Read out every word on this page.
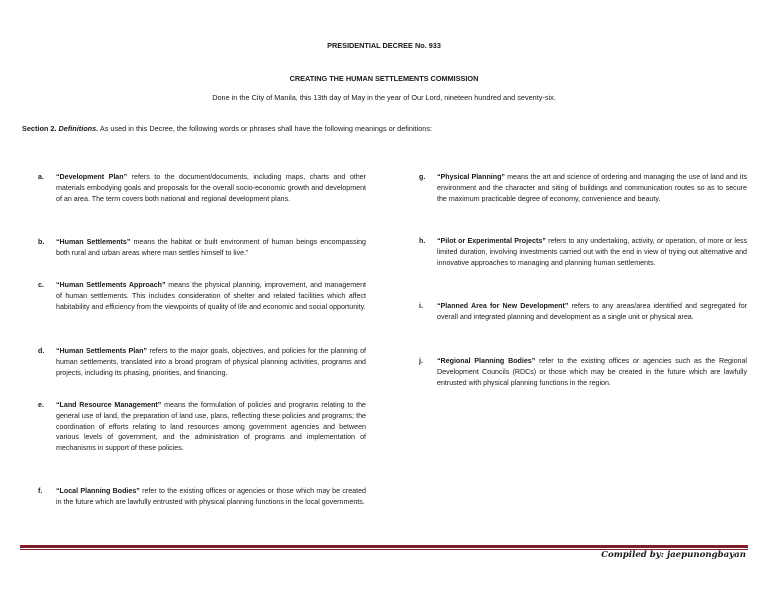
PRESIDENTIAL DECREE No. 933
CREATING THE HUMAN SETTLEMENTS COMMISSION
Done in the City of Manila, this 13th day of May in the year of Our Lord, nineteen hundred and seventy-six.
Section 2. Definitions. As used in this Decree, the following words or phrases shall have the following meanings or definitions:
a. “Development Plan” refers to the document/documents, including maps, charts and other materials embodying goals and proposals for the overall socio-economic growth and development of an area. The term covers both national and regional development plans.
b. “Human Settlements” means the habitat or built environment of human beings encompassing both rural and urban areas where man settles himself to live.”
c. “Human Settlements Approach” means the physical planning, improvement, and management of human settlements. This includes consideration of shelter and related facilities which affect habitability and efficiency from the viewpoints of quality of life and economic and social opportunity.
d. “Human Settlements Plan” refers to the major goals, objectives, and policies for the planning of human settlements, translated into a broad program of physical planning activities, programs and projects, including its phasing, priorities, and financing.
e. “Land Resource Management” means the formulation of policies and programs relating to the general use of land, the preparation of land use, plans, reflecting these policies and programs; the coordination of efforts relating to land resources among government agencies and between various levels of government, and the administration of programs and implementation of mechanisms in support of these policies.
f. “Local Planning Bodies” refer to the existing offices or agencies or those which may be created in the future which are lawfully entrusted with physical planning functions in the local governments.
g. “Physical Planning” means the art and science of ordering and managing the use of land and its environment and the character and siting of buildings and communication routes so as to secure the maximum practicable degree of economy, convenience and beauty.
h. “Pilot or Experimental Projects” refers to any undertaking, activity, or operation, of more or less limited duration, involving investments carried out with the end in view of trying out alternative and innovative approaches to managing and planning human settlements.
i. “Planned Area for New Development” refers to any areas/area identified and segregated for overall and integrated planning and development as a single unit or physical area.
j. “Regional Planning Bodies” refer to the existing offices or agencies such as the Regional Development Councils (RDCs) or those which may be created in the future which are lawfully entrusted with physical planning functions in the region.
Compiled by: jaepunongbayan
